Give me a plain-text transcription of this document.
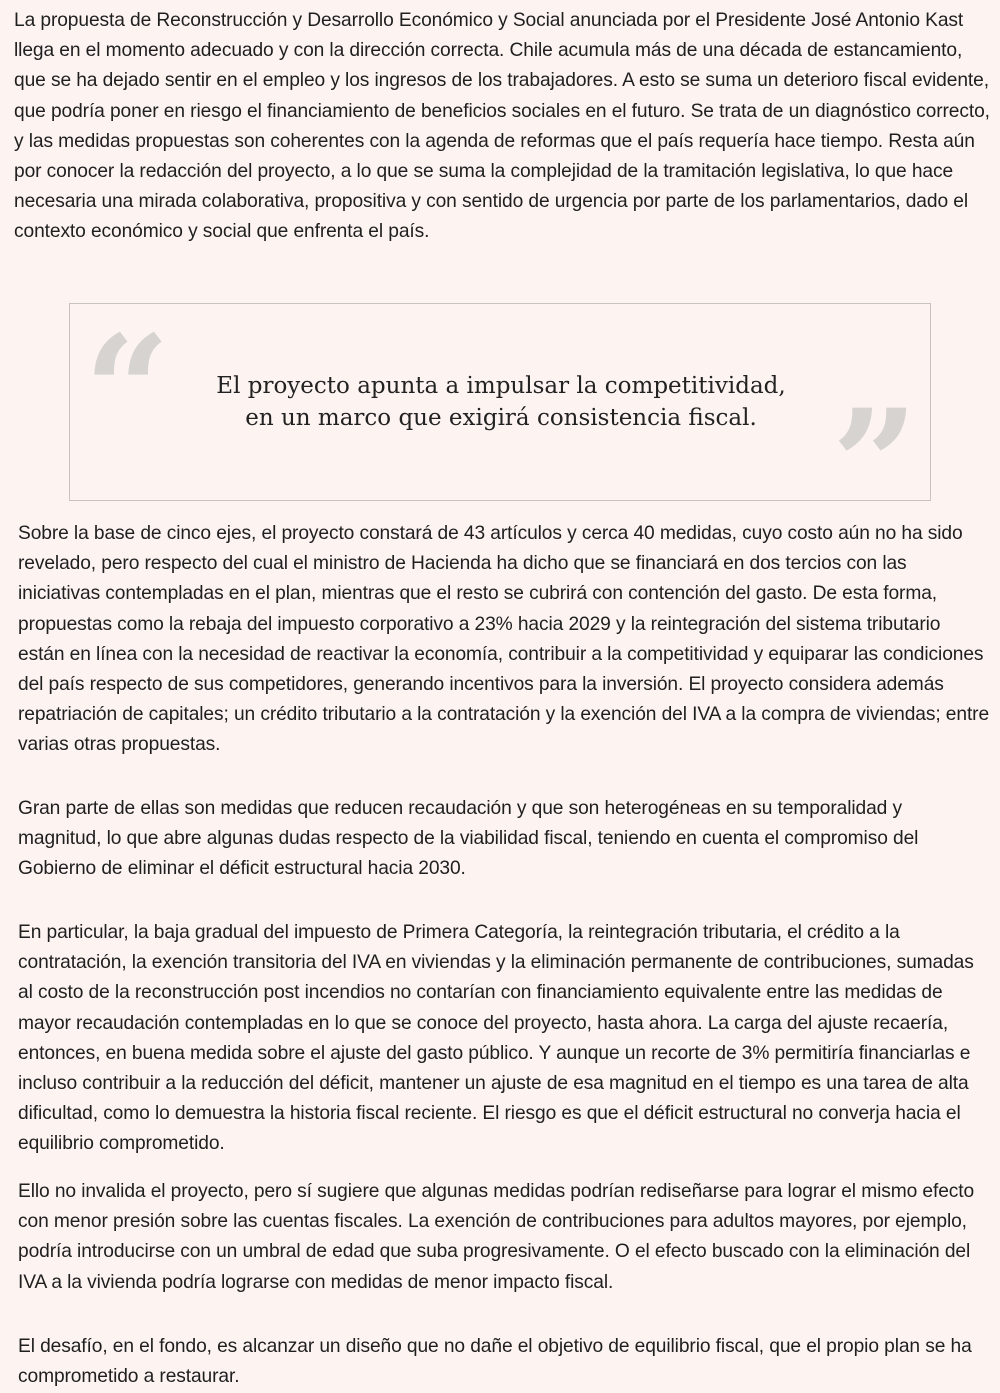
La propuesta de Reconstrucción y Desarrollo Económico y Social anunciada por el Presidente José Antonio Kast llega en el momento adecuado y con la dirección correcta. Chile acumula más de una década de estancamiento, que se ha dejado sentir en el empleo y los ingresos de los trabajadores. A esto se suma un deterioro fiscal evidente, que podría poner en riesgo el financiamiento de beneficios sociales en el futuro. Se trata de un diagnóstico correcto, y las medidas propuestas son coherentes con la agenda de reformas que el país requería hace tiempo. Resta aún por conocer la redacción del proyecto, a lo que se suma la complejidad de la tramitación legislativa, lo que hace necesaria una mirada colaborativa, propositiva y con sentido de urgencia por parte de los parlamentarios, dado el contexto económico y social que enfrenta el país.

“	El proyecto apunta a impulsar la competitividad,
en un marco que exigirá consistencia fiscal. ”

Sobre la base de cinco ejes, el proyecto constará de 43 artículos y cerca 40 medidas, cuyo costo aún no ha sido revelado, pero respecto del cual el ministro de Hacienda ha dicho que se financiará en dos tercios con las iniciativas contempladas en el plan, mientras que el resto se cubrirá con contención del gasto. De esta forma, propuestas como la rebaja del impuesto corporativo a 23% hacia 2029 y la reintegración del sistema tributario están en línea con la necesidad de reactivar la economía, contribuir a la competitividad y equiparar las condiciones del país respecto de sus competidores, generando incentivos para la inversión. El proyecto considera además repatriación de capitales; un crédito tributario a la contratación y la exención del IVA a la compra de viviendas; entre varias otras propuestas.

Gran parte de ellas son medidas que reducen recaudación y que son heterogéneas en su temporalidad y magnitud, lo que abre algunas dudas respecto de la viabilidad fiscal, teniendo en cuenta el compromiso del Gobierno de eliminar el déficit estructural hacia 2030.

En particular, la baja gradual del impuesto de Primera Categoría, la reintegración tributaria, el crédito a la contratación, la exención transitoria del IVA en viviendas y la eliminación permanente de contribuciones, sumadas al costo de la reconstrucción post incendios no contarían con financiamiento equivalente entre las medidas de mayor recaudación contempladas en lo que se conoce del proyecto, hasta ahora. La carga del ajuste recaería, entonces, en buena medida sobre el ajuste del gasto público. Y aunque un recorte de 3% permitiría financiarlas e incluso contribuir a la reducción del déficit, mantener un ajuste de esa magnitud en el tiempo es una tarea de alta dificultad, como lo demuestra la historia fiscal reciente. El riesgo es que el déficit estructural no converja hacia el equilibrio comprometido.

Ello no invalida el proyecto, pero sí sugiere que algunas medidas podrían rediseñarse para lograr el mismo efecto con menor presión sobre las cuentas fiscales. La exención de contribuciones para adultos mayores, por ejemplo, podría introducirse con un umbral de edad que suba progresivamente. O el efecto buscado con la eliminación del IVA a la vivienda podría lograrse con medidas de menor impacto fiscal.

El desafío, en el fondo, es alcanzar un diseño que no dañe el objetivo de equilibrio fiscal, que el propio plan se ha comprometido a restaurar.
